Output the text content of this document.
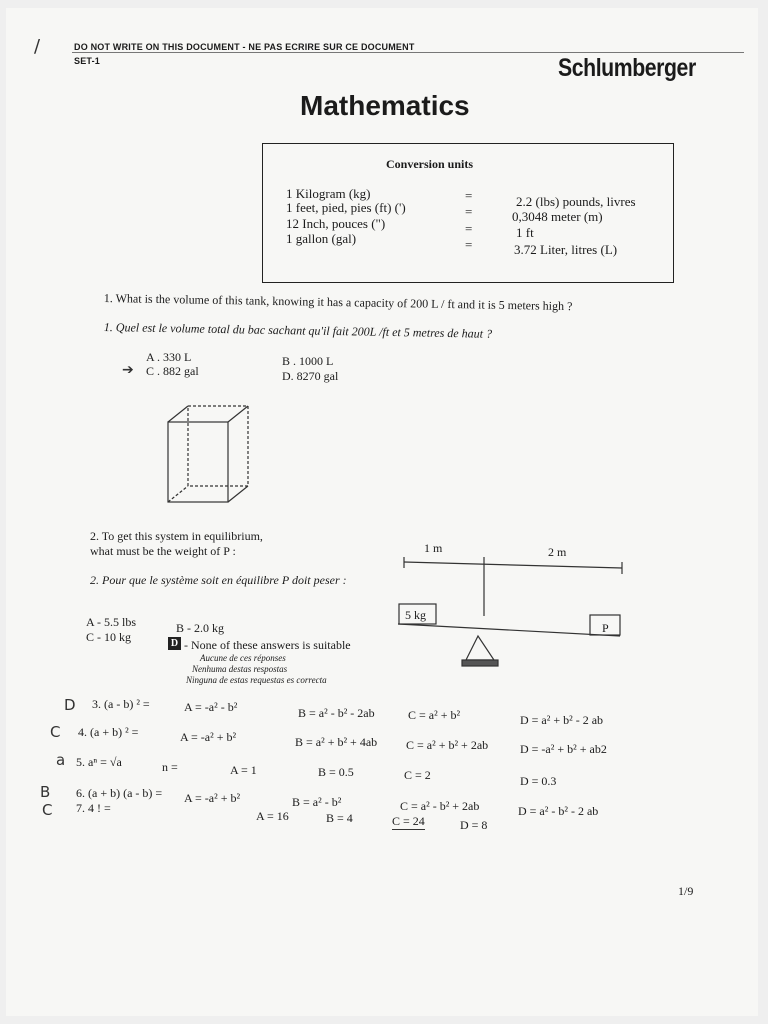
/	DO NOT WRITE ON THIS DOCUMENT - NE PAS ECRIRE SUR CE DOCUMENT
SET-1	Schlumberger
Mathematics
Conversion units
1 Kilogram (kg)	=	2.2 (lbs) pounds, livres
1 feet, pied, pies (ft) (')	=	0,3048 meter (m)
12 Inch, pouces (")	=	1 ft
1 gallon (gal)	=	3.72 Liter, litres (L)
1. What is the volume of this tank, knowing it has a capacity of 200 L / ft and it is 5 meters high ?
1. Quel est le volume total du bac sachant qu'il fait 200L /ft et 5 metres de haut ?
A . 330 L
C . 882 gal
➔
B . 1000 L
D. 8270 gal
2. To get this system in equilibrium,
what must be the weight of P :
2. Pour que le système soit en équilibre P doit peser :
1 m	2 m
5 kg
P
A - 5.5 lbs
C - 10 kg
B - 2.0 kg
D - None of these answers is suitable
Aucune de ces réponses
Nenhuma destas respostas
Ninguna de estas requestas es correcta
D 3. (a - b) ² =	A = -a² - b²	B = a² - b² - 2ab	C = a² + b²	D = a² + b² - 2 ab
C 4. (a + b) ² =	A = -a² + b²	B = a² + b² + 4ab C = a² + b² + 2ab	D = -a² + b² + ab2
a 5. aⁿ = √a	n =	A = 1	B = 0.5	C = 2	D = 0.3
B 6. (a + b) (a - b) = A = -a² + b²	B = a² - b²	C = a² - b² + 2ab	D = a² - b² - 2 ab
C 7. 4 ! =
A = 16	B = 4	C = 24	D = 8
1/9
